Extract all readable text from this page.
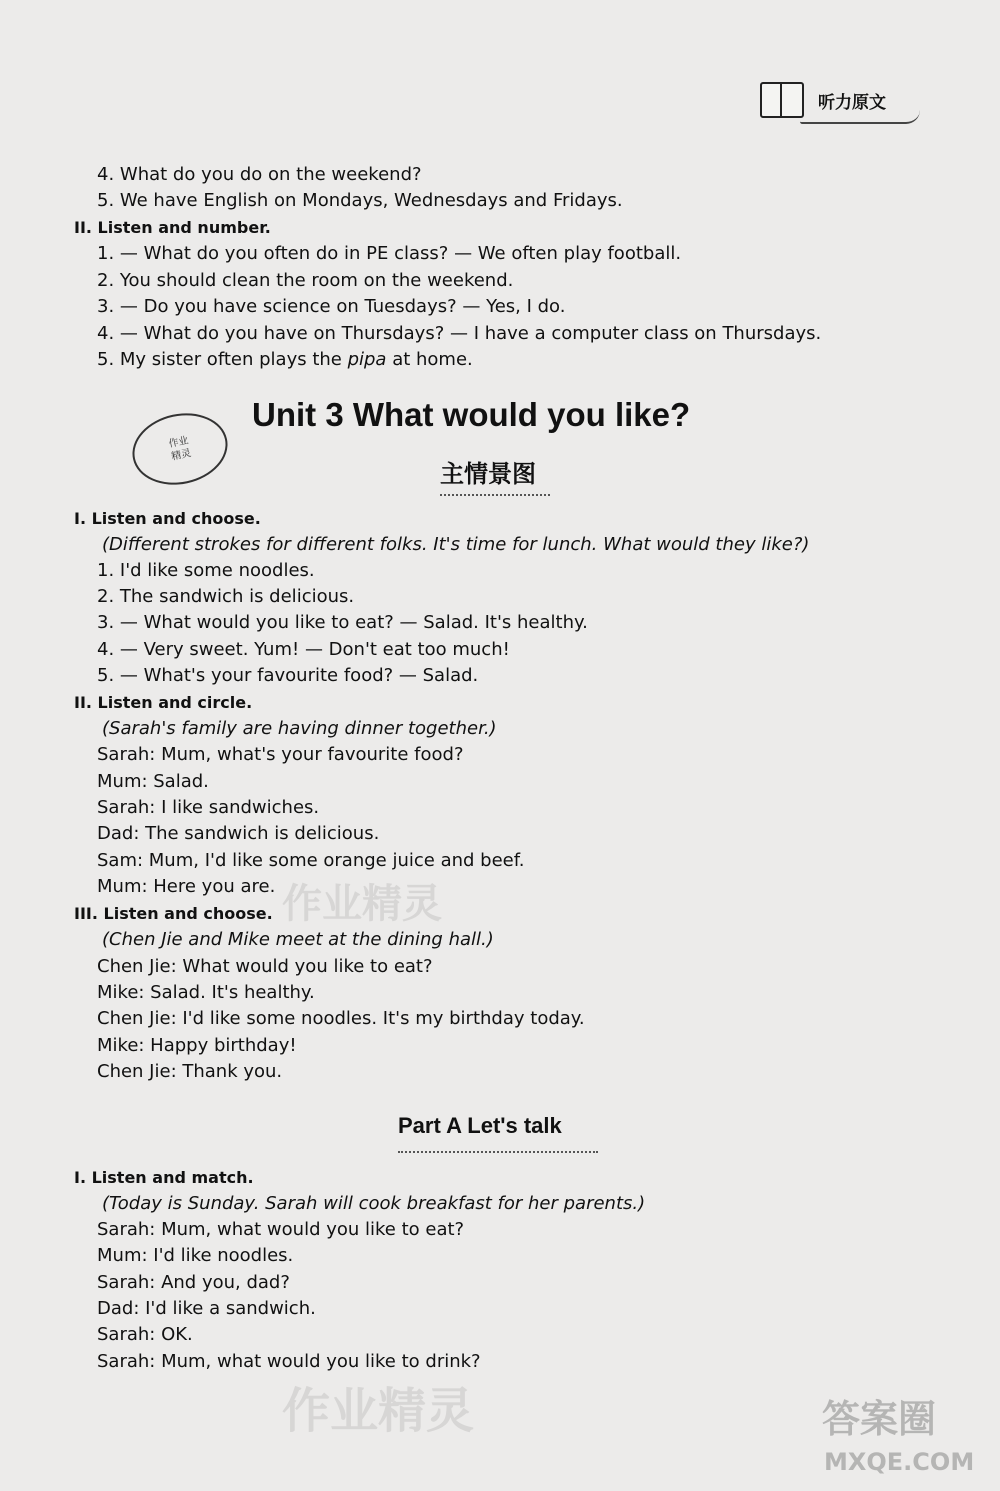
听力原文
4. What do you do on the weekend?
5. We have English on Mondays, Wednesdays and Fridays.
II. Listen and number.
1. — What do you often do in PE class? — We often play football.
2. You should clean the room on the weekend.
3. — Do you have science on Tuesdays? — Yes, I do.
4. — What do you have on Thursdays? — I have a computer class on Thursdays.
5. My sister often plays the pipa at home.
作业
精灵
Unit 3 What would you like?
主情景图
I. Listen and choose.
(Different strokes for different folks. It's time for lunch. What would they like?)
1. I'd like some noodles.
2. The sandwich is delicious.
3. — What would you like to eat? — Salad. It's healthy.
4. — Very sweet. Yum! — Don't eat too much!
5. — What's your favourite food? — Salad.
II. Listen and circle.
(Sarah's family are having dinner together.)
Sarah: Mum, what's your favourite food?
Mum: Salad.
Sarah: I like sandwiches.
Dad: The sandwich is delicious.
Sam: Mum, I'd like some orange juice and beef.
Mum: Here you are.
III. Listen and choose.
(Chen Jie and Mike meet at the dining hall.)
Chen Jie: What would you like to eat?
Mike: Salad. It's healthy.
Chen Jie: I'd like some noodles. It's my birthday today.
Mike: Happy birthday!
Chen Jie: Thank you.
Part A Let's talk
I. Listen and match.
(Today is Sunday. Sarah will cook breakfast for her parents.)
Sarah: Mum, what would you like to eat?
Mum: I'd like noodles.
Sarah: And you, dad?
Dad: I'd like a sandwich.
Sarah: OK.
Sarah: Mum, what would you like to drink?
作业精灵
作业精灵	答案圈
MXQE.COM
